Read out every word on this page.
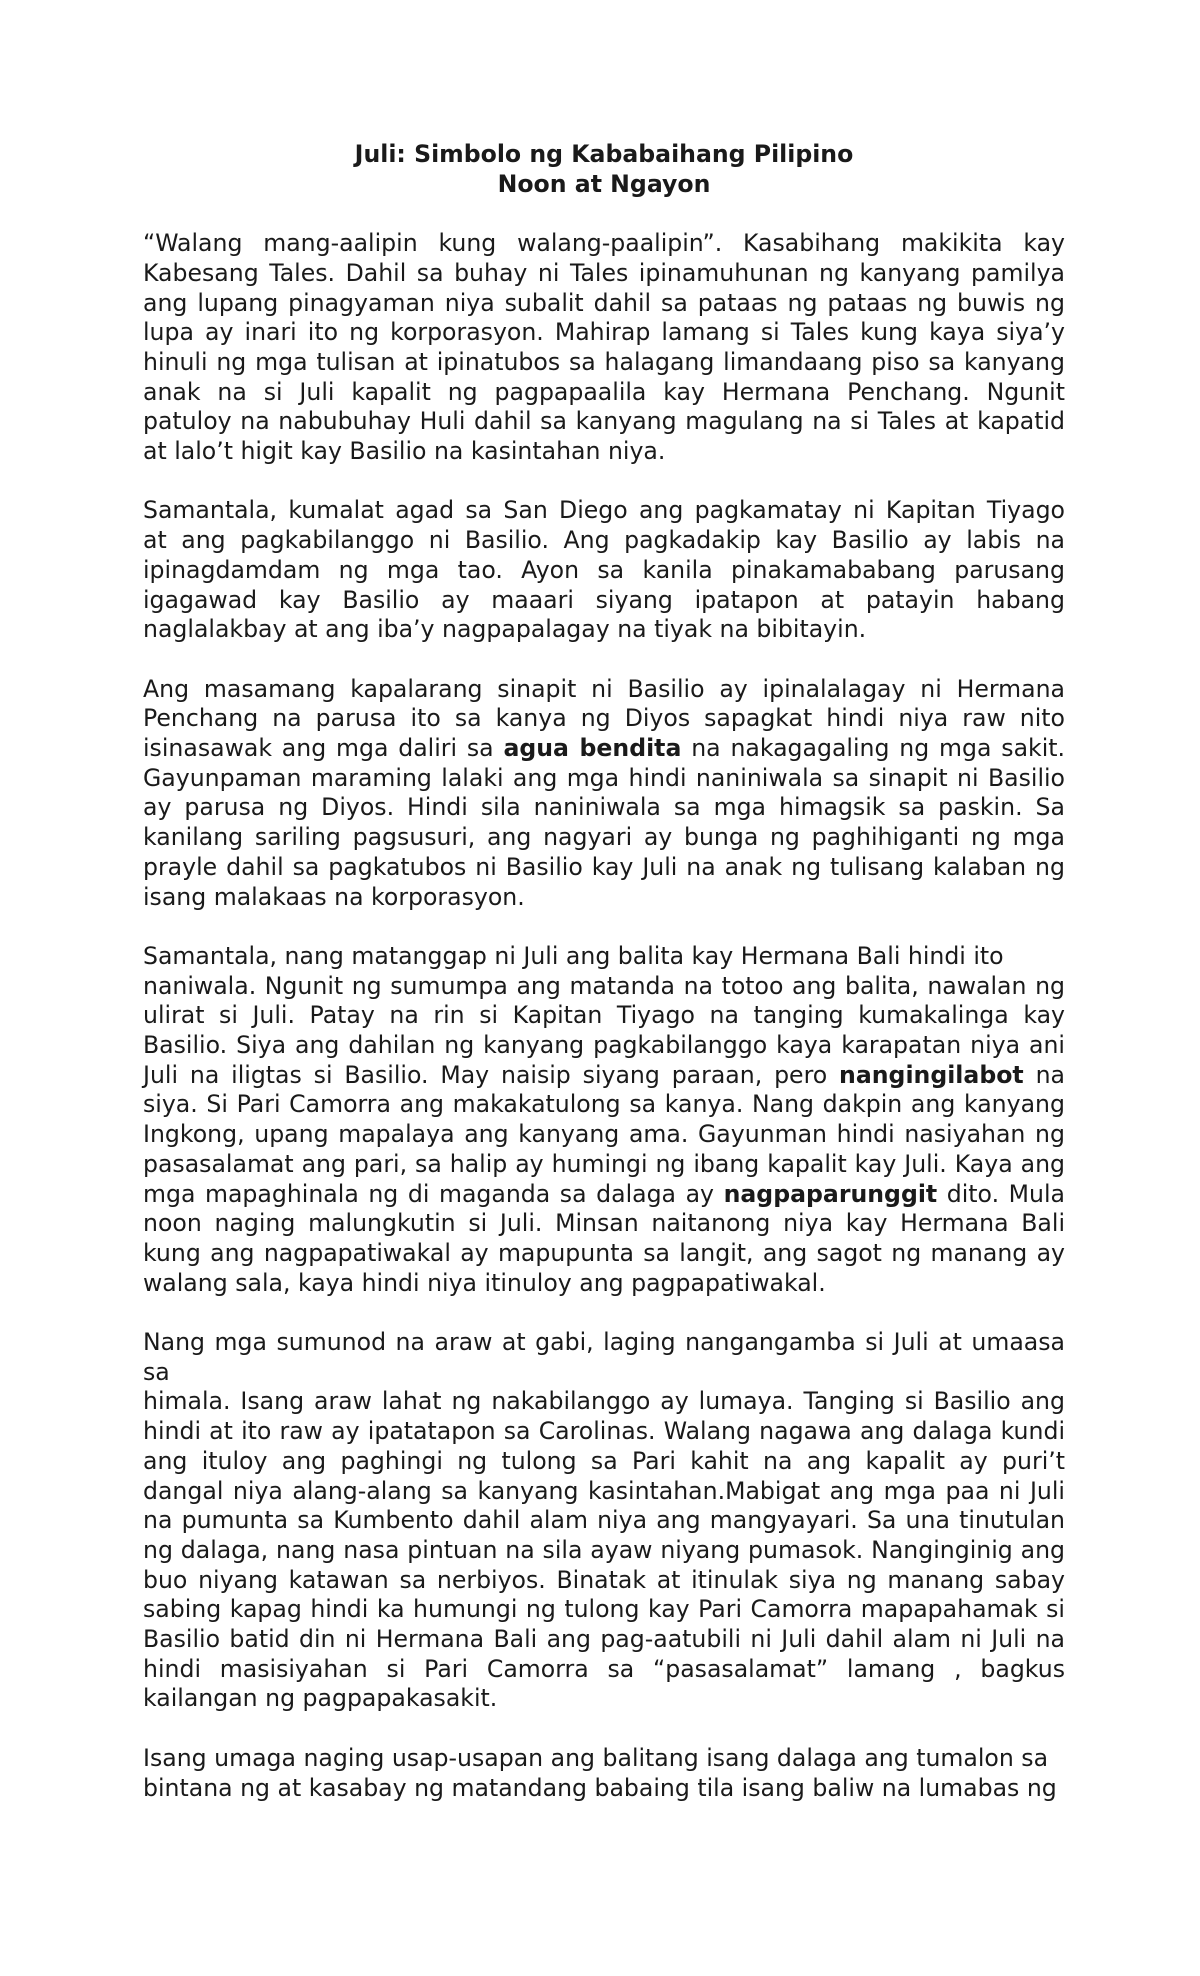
Juli: Simbolo ng Kababaihang Pilipino

Noon at Ngayon

“Walang mang-aalipin kung walang-paalipin”. Kasabihang makikita kay
Kabesang Tales. Dahil sa buhay ni Tales ipinamuhunan ng kanyang pamilya
ang lupang pinagyaman niya subalit dahil sa pataas ng pataas ng buwis ng
lupa ay inari ito ng korporasyon. Mahirap lamang si Tales kung kaya siya’y
hinuli ng mga tulisan at ipinatubos sa halagang limandaang piso sa kanyang
anak na si Juli kapalit ng pagpapaalila kay Hermana Penchang. Ngunit
patuloy na nabubuhay Huli dahil sa kanyang magulang na si Tales at kapatid
at lalo’t higit kay Basilio na kasintahan niya.
Samantala, kumalat agad sa San Diego ang pagkamatay ni Kapitan Tiyago
at ang pagkabilanggo ni Basilio. Ang pagkadakip kay Basilio ay labis na
ipinagdamdam ng mga tao. Ayon sa kanila pinakamababang parusang
igagawad kay Basilio ay maaari siyang ipatapon at patayin habang
naglalakbay at ang iba’y nagpapalagay na tiyak na bibitayin.
Ang masamang kapalarang sinapit ni Basilio ay ipinalalagay ni Hermana
Penchang na parusa ito sa kanya ng Diyos sapagkat hindi niya raw nito
isinasawak ang mga daliri sa agua bendita na nakagagaling ng mga sakit.
Gayunpaman maraming lalaki ang mga hindi naniniwala sa sinapit ni Basilio
ay parusa ng Diyos. Hindi sila naniniwala sa mga himagsik sa paskin. Sa
kanilang sariling pagsusuri, ang nagyari ay bunga ng paghihiganti ng mga
prayle dahil sa pagkatubos ni Basilio kay Juli na anak ng tulisang kalaban ng
isang malakaas na korporasyon.
Samantala, nang matanggap ni Juli ang balita kay Hermana Bali hindi ito
naniwala. Ngunit ng sumumpa ang matanda na totoo ang balita, nawalan ng
ulirat si Juli. Patay na rin si Kapitan Tiyago na tanging kumakalinga kay
Basilio. Siya ang dahilan ng kanyang pagkabilanggo kaya karapatan niya ani
Juli na iligtas si Basilio. May naisip siyang paraan, pero nangingilabot na
siya. Si Pari Camorra ang makakatulong sa kanya. Nang dakpin ang kanyang
Ingkong, upang mapalaya ang kanyang ama. Gayunman hindi nasiyahan ng
pasasalamat ang pari, sa halip ay humingi ng ibang kapalit kay Juli. Kaya ang
mga mapaghinala ng di maganda sa dalaga ay nagpaparunggit dito. Mula
noon naging malungkutin si Juli. Minsan naitanong niya kay Hermana Bali
kung ang nagpapatiwakal ay mapupunta sa langit, ang sagot ng manang ay
walang sala, kaya hindi niya itinuloy ang pagpapatiwakal.
Nang mga sumunod na araw at gabi, laging nangangamba si Juli at umaasa
sa
himala. Isang araw lahat ng nakabilanggo ay lumaya. Tanging si Basilio ang
hindi at ito raw ay ipatatapon sa Carolinas. Walang nagawa ang dalaga kundi
ang ituloy ang paghingi ng tulong sa Pari kahit na ang kapalit ay puri’t
dangal niya alang-alang sa kanyang kasintahan.Mabigat ang mga paa ni Juli
na pumunta sa Kumbento dahil alam niya ang mangyayari. Sa una tinutulan
ng dalaga, nang nasa pintuan na sila ayaw niyang pumasok. Nanginginig ang
buo niyang katawan sa nerbiyos. Binatak at itinulak siya ng manang sabay
sabing kapag hindi ka humungi ng tulong kay Pari Camorra mapapahamak si
Basilio batid din ni Hermana Bali ang pag-aatubili ni Juli dahil alam ni Juli na
hindi masisiyahan si Pari Camorra sa “pasasalamat” lamang , bagkus
kailangan ng pagpapakasakit.
Isang umaga naging usap-usapan ang balitang isang dalaga ang tumalon sa
bintana ng at kasabay ng matandang babaing tila isang baliw na lumabas ng
